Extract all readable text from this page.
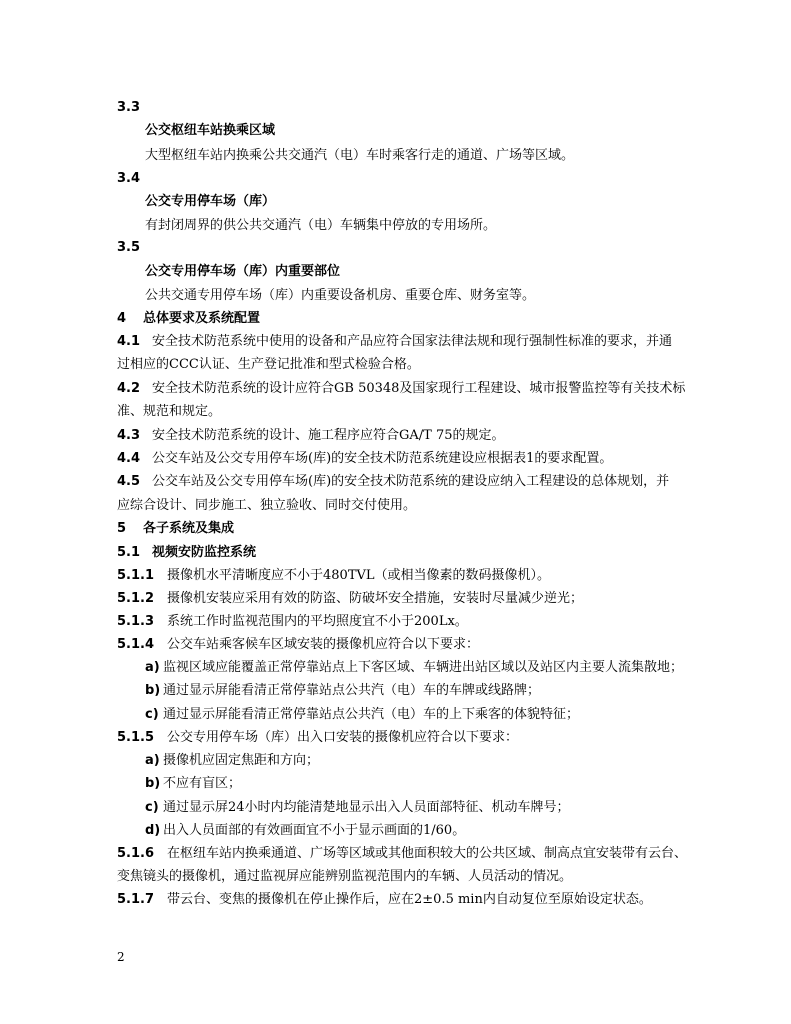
3.3
公交枢纽车站换乘区域
大型枢纽车站内换乘公共交通汽（电）车时乘客行走的通道、广场等区域。
3.4
公交专用停车场（库）
有封闭周界的供公共交通汽（电）车辆集中停放的专用场所。
3.5
公交专用停车场（库）内重要部位
公共交通专用停车场（库）内重要设备机房、重要仓库、财务室等。
4 总体要求及系统配置
4.1 安全技术防范系统中使用的设备和产品应符合国家法律法规和现行强制性标准的要求，并通
过相应的CCC认证、生产登记批准和型式检验合格。
4.2 安全技术防范系统的设计应符合GB 50348及国家现行工程建设、城市报警监控等有关技术标
准、规范和规定。
4.3 安全技术防范系统的设计、施工程序应符合GA/T 75的规定。
4.4 公交车站及公交专用停车场(库)的安全技术防范系统建设应根据表1的要求配置。
4.5 公交车站及公交专用停车场(库)的安全技术防范系统的建设应纳入工程建设的总体规划，并
应综合设计、同步施工、独立验收、同时交付使用。
5 各子系统及集成
5.1 视频安防监控系统
5.1.1 摄像机水平清晰度应不小于480TVL（或相当像素的数码摄像机）。
5.1.2 摄像机安装应采用有效的防盗、防破坏安全措施，安装时尽量减少逆光；
5.1.3 系统工作时监视范围内的平均照度宜不小于200Lx。
5.1.4 公交车站乘客候车区域安装的摄像机应符合以下要求：
a) 监视区域应能覆盖正常停靠站点上下客区域、车辆进出站区域以及站区内主要人流集散地；
b) 通过显示屏能看清正常停靠站点公共汽（电）车的车牌或线路牌；
c) 通过显示屏能看清正常停靠站点公共汽（电）车的上下乘客的体貌特征；
5.1.5 公交专用停车场（库）出入口安装的摄像机应符合以下要求：
a) 摄像机应固定焦距和方向；
b) 不应有盲区；
c) 通过显示屏24小时内均能清楚地显示出入人员面部特征、机动车牌号；
d) 出入人员面部的有效画面宜不小于显示画面的1/60。
5.1.6 在枢纽车站内换乘通道、广场等区域或其他面积较大的公共区域、制高点宜安装带有云台、
变焦镜头的摄像机，通过监视屏应能辨别监视范围内的车辆、人员活动的情况。
5.1.7 带云台、变焦的摄像机在停止操作后，应在2±0.5 min内自动复位至原始设定状态。
2
